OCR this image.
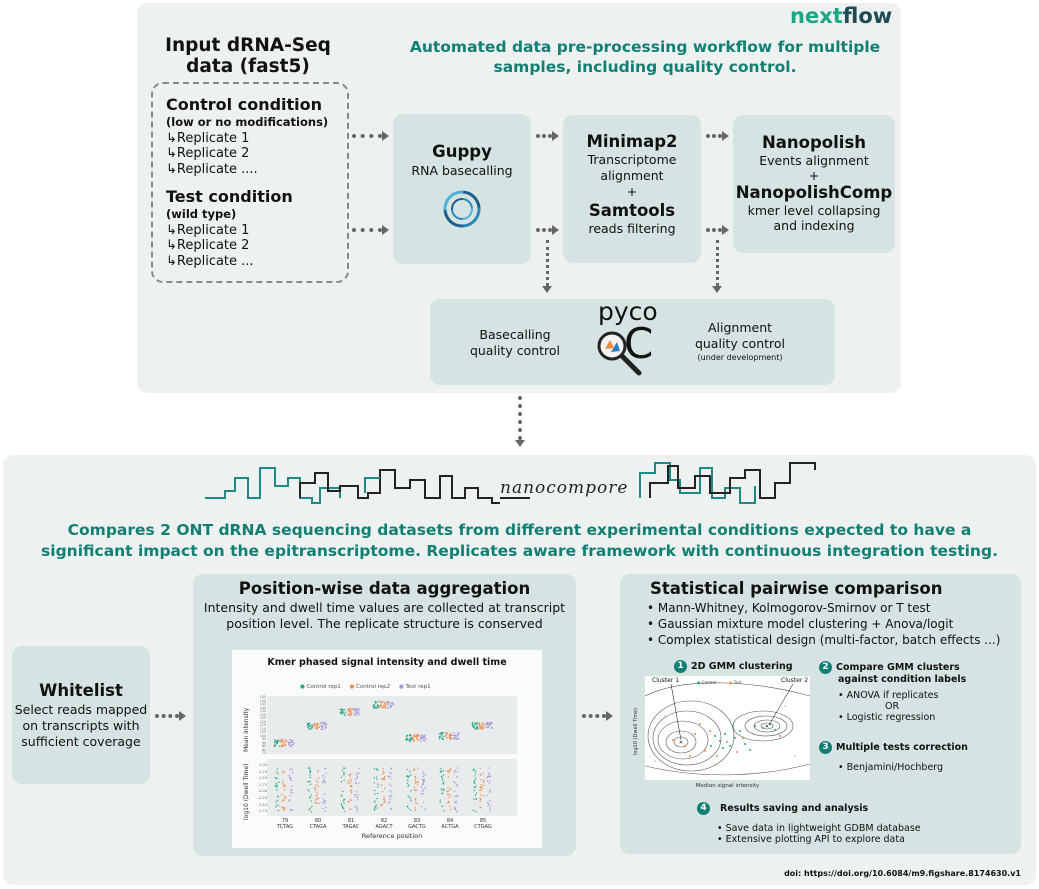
nextflow
Automated data pre-processing workflow for multiple
samples, including quality control.
Input dRNA-Seq
data (fast5)
Control condition
(low or no modifications)
↳Replicate 1
↳Replicate 2
↳Replicate ....
Test condition
(wild type)
↳Replicate 1
↳Replicate 2
↳Replicate ...
Guppy
RNA basecalling
Minimap2
Transcriptome
alignment
+
Samtools
reads filtering
Nanopolish
Events alignment
+
NanopolishComp
kmer level collapsing
and indexing
Basecalling
quality control
pyco
C	Alignment
quality control
(under development)
nanocompore
Compares 2 ONT dRNA sequencing datasets from different experimental conditions expected to have a
significant impact on the epitranscriptome. Replicates aware framework with continuous integration testing.
Whitelist
Select reads mapped
on transcripts with
sufficient coverage
Position-wise data aggregation
Intensity and dwell time values are collected at transcript
position level. The replicate structure is conserved
Kmer phased signal intensity and dwell time
● Control rep1 ● Control rep2 ● Test rep1
Mean intensity
log10 (Dwell Time)
155
150
145
140
135
130
125
120
115
110
105
100
95
90
85
80
75
-1.00
-1.25
-1.50
-1.75
-2.00
-2.25
-2.50
-2.75
79
TCTAG
80
CTAGA
81
TAGAC
82
AGACT
83
GACTG
84
ACTGA
85
CTGAG
Reference position
Statistical pairwise comparison
• Mann-Whitney, Kolmogorov-Smirnov or T test
• Gaussian mixture model clustering + Anova/logit
• Complex statistical design (multi-factor, batch effects ...)
1 2D GMM clustering
✕
✕
Cluster 1	Cluster 2
● Control	● Test
log10 (Dwell Time)
Median signal intensity
2 Compare GMM clusters
against condition labels
• ANOVA if replicates
OR
• Logistic regression
3 Multiple tests correction
• Benjamini/Hochberg
4 Results saving and analysis
• Save data in lightweight GDBM database
• Extensive plotting API to explore data
doi: https://doi.org/10.6084/m9.figshare.8174630.v1
